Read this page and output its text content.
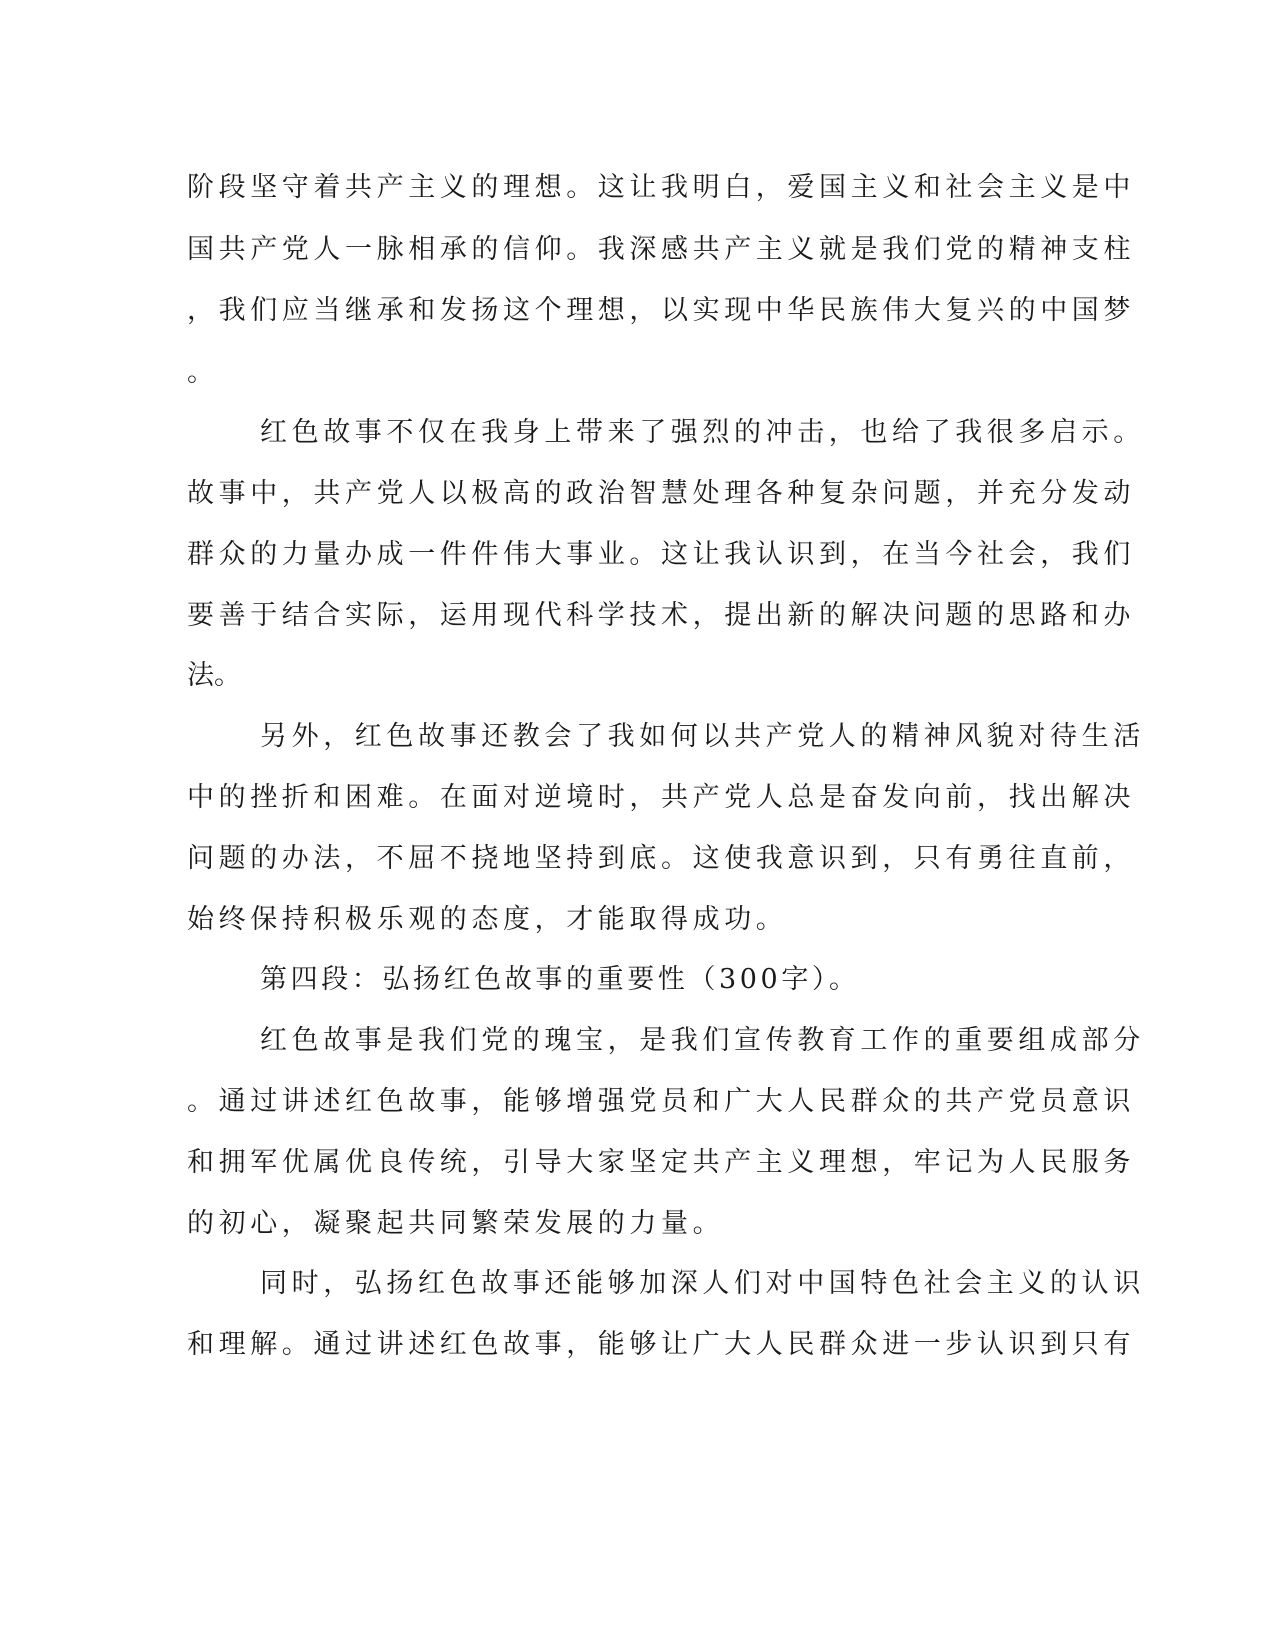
阶段坚守着共产主义的理想。这让我明白，爱国主义和社会主义是中
国共产党人一脉相承的信仰。我深感共产主义就是我们党的精神支柱
，我们应当继承和发扬这个理想，以实现中华民族伟大复兴的中国梦
。
红色故事不仅在我身上带来了强烈的冲击，也给了我很多启示。
故事中，共产党人以极高的政治智慧处理各种复杂问题，并充分发动
群众的力量办成一件件伟大事业。这让我认识到，在当今社会，我们
要善于结合实际，运用现代科学技术，提出新的解决问题的思路和办
法。
另外，红色故事还教会了我如何以共产党人的精神风貌对待生活
中的挫折和困难。在面对逆境时，共产党人总是奋发向前，找出解决
问题的办法，不屈不挠地坚持到底。这使我意识到，只有勇往直前，
始终保持积极乐观的态度，才能取得成功。
第四段：弘扬红色故事的重要性（300字）。
红色故事是我们党的瑰宝，是我们宣传教育工作的重要组成部分
。通过讲述红色故事，能够增强党员和广大人民群众的共产党员意识
和拥军优属优良传统，引导大家坚定共产主义理想，牢记为人民服务
的初心，凝聚起共同繁荣发展的力量。
同时，弘扬红色故事还能够加深人们对中国特色社会主义的认识
和理解。通过讲述红色故事，能够让广大人民群众进一步认识到只有
